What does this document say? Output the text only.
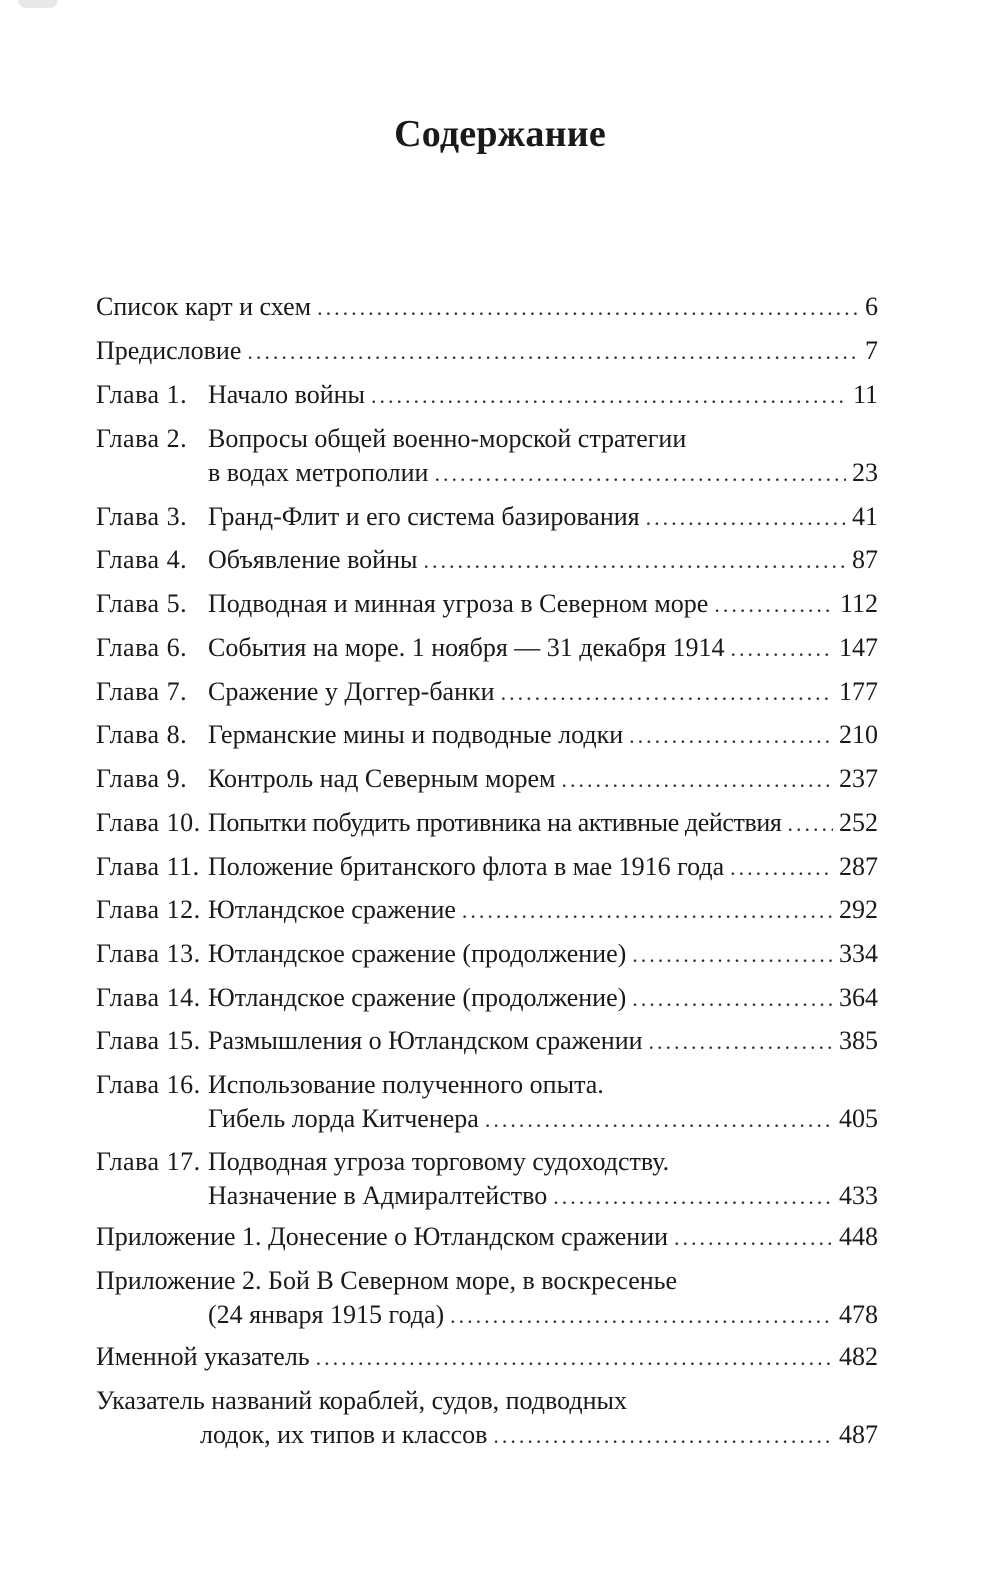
Содержание
Список карт и схем .....	6
Предисловие .....	7
Глава 1. Начало войны .....	11
Глава 2. Вопросы общей военно-морской стратегии
в водах метрополии .....	23
Глава 3. Гранд-Флит и его система базирования .....	41
Глава 4. Объявление войны .....	87
Глава 5. Подводная и минная угроза в Северном море .....	112
Глава 6. События на море. 1 ноября — 31 декабря 1914 .....	147
Глава 7. Сражение у Доггер-банки .....	177
Глава 8. Германские мины и подводные лодки .....	210
Глава 9. Контроль над Северным морем .....	237
Глава 10. Попытки побудить противника на активные действия ..... 252
Глава 11. Положение британского флота в мае 1916 года .....	287
Глава 12. Ютландское сражение .....	292
Глава 13. Ютландское сражение (продолжение) .....	334
Глава 14. Ютландское сражение (продолжение) .....	364
Глава 15. Размышления о Ютландском сражении .....	385
Глава 16. Использование полученного опыта.
Гибель лорда Китченера .....	405
Глава 17. Подводная угроза торговому судоходству.
Назначение в Адмиралтейство .....	433
Приложение 1. Донесение о Ютландском сражении .....	448
Приложение 2. Бой В Северном море, в воскресенье
(24 января 1915 года) .....	478
Именной указатель .....	482
Указатель названий кораблей, судов, подводных
лодок, их типов и классов .....	487
